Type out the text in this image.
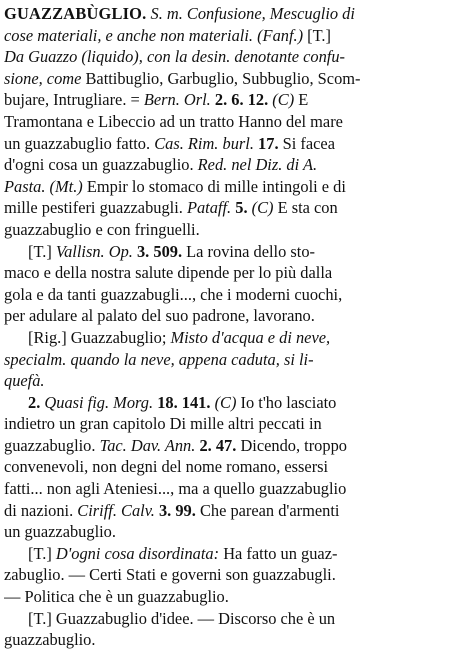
GUAZZABÙGLIO. S. m. Confusione, Mescuglio di
cose materiali, e anche non materiali. (Fanf.) [T.]
Da Guazzo (liquido), con la desin. denotante confu-
sione, come Battibuglio, Garbuglio, Subbuglio, Scom-
bujare, Intrugliare. = Bern. Orl. 2. 6. 12. (C) E
Tramontana e Libeccio ad un tratto Hanno del mare
un guazzabuglio fatto. Cas. Rim. burl. 17. Si facea
d'ogni cosa un guazzabuglio. Red. nel Diz. di A.
Pasta. (Mt.) Empir lo stomaco di mille intingoli e di
mille pestiferi guazzabugli. Pataff. 5. (C) E sta con
guazzabuglio e con fringuelli.
[T.] Vallisn. Op. 3. 509. La rovina dello sto-
maco e della nostra salute dipende per lo più dalla
gola e da tanti guazzabugli..., che i moderni cuochi,
per adulare al palato del suo padrone, lavorano.
[Rig.] Guazzabuglio; Misto d'acqua e di neve,
specialm. quando la neve, appena caduta, si li-
quefà.
2. Quasi fig. Morg. 18. 141. (C) Io t'ho lasciato
indietro un gran capitolo Di mille altri peccati in
guazzabuglio. Tac. Dav. Ann. 2. 47. Dicendo, troppo
convenevoli, non degni del nome romano, essersi
fatti... non agli Ateniesi..., ma a quello guazzabuglio
di nazioni. Ciriff. Calv. 3. 99. Che parean d'armenti
un guazzabuglio.
[T.] D'ogni cosa disordinata: Ha fatto un guaz-
zabuglio. — Certi Stati e governi son guazzabugli.
— Politica che è un guazzabuglio.
[T.] Guazzabuglio d'idee. — Discorso che è un
guazzabuglio.
